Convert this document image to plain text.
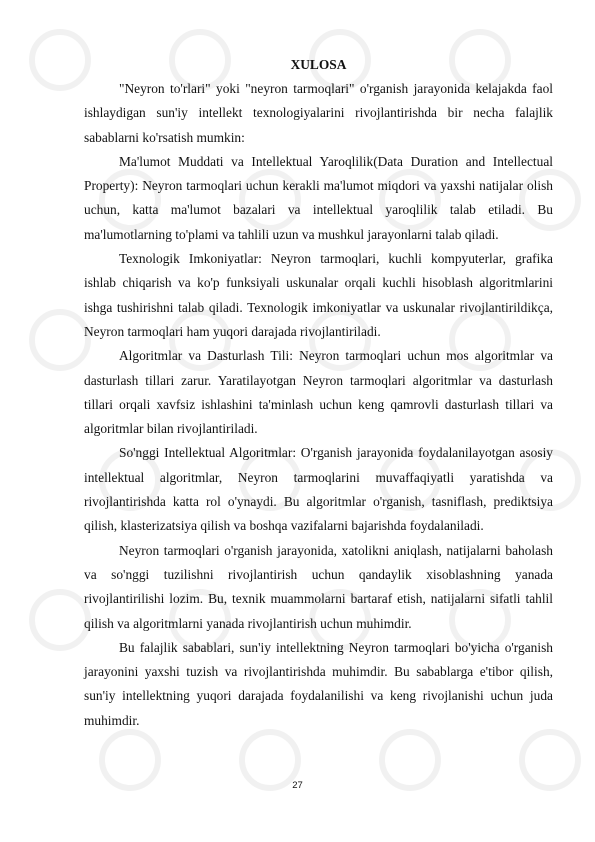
XULOSA

"Neyron to'rlari" yoki "neyron tarmoqlari" o'rganish jarayonida kelajakda faol ishlaydigan sun'iy intellekt texnologiyalarini rivojlantirishda bir necha falajlik sabablarni ko'rsatish mumkin:

Ma'lumot Muddati va Intellektual Yaroqlilik(Data Duration and Intellectual Property): Neyron tarmoqlari uchun kerakli ma'lumot miqdori va yaxshi natijalar olish uchun, katta ma'lumot bazalari va intellektual yaroqlilik talab etiladi. Bu ma'lumotlarning to'plami va tahlili uzun va mushkul jarayonlarni talab qiladi.

Texnologik Imkoniyatlar: Neyron tarmoqlari, kuchli kompyuterlar, grafika ishlab chiqarish va ko'p funksiyali uskunalar orqali kuchli hisoblash algoritmlarini ishga tushirishni talab qiladi. Texnologik imkoniyatlar va uskunalar rivojlantirildikça, Neyron tarmoqlari ham yuqori darajada rivojlantiriladi.

Algoritmlar va Dasturlash Tili: Neyron tarmoqlari uchun mos algoritmlar va dasturlash tillari zarur. Yaratilayotgan Neyron tarmoqlari algoritmlar va dasturlash tillari orqali xavfsiz ishlashini ta'minlash uchun keng qamrovli dasturlash tillari va algoritmlar bilan rivojlantiriladi.

So'nggi Intellektual Algoritmlar: O'rganish jarayonida foydalanilayotgan asosiy intellektual algoritmlar, Neyron tarmoqlarini muvaffaqiyatli yaratishda va rivojlantirishda katta rol o'ynaydi. Bu algoritmlar o'rganish, tasniflash, prediktsiya qilish, klasterizatsiya qilish va boshqa vazifalarni bajarishda foydalaniladi.

Neyron tarmoqlari o'rganish jarayonida, xatolikni aniqlash, natijalarni baholash va so'nggi tuzilishni rivojlantirish uchun qandaylik xisoblashning yanada rivojlantirilishi lozim. Bu, texnik muammolarni bartaraf etish, natijalarni sifatli tahlil qilish va algoritmlarni yanada rivojlantirish uchun muhimdir.

Bu falajlik sabablari, sun'iy intellektning Neyron tarmoqlari bo'yicha o'rganish jarayonini yaxshi tuzish va rivojlantirishda muhimdir. Bu sabablarga e'tibor qilish, sun'iy intellektning yuqori darajada foydalanilishi va keng rivojlanishi uchun juda muhimdir.

27
